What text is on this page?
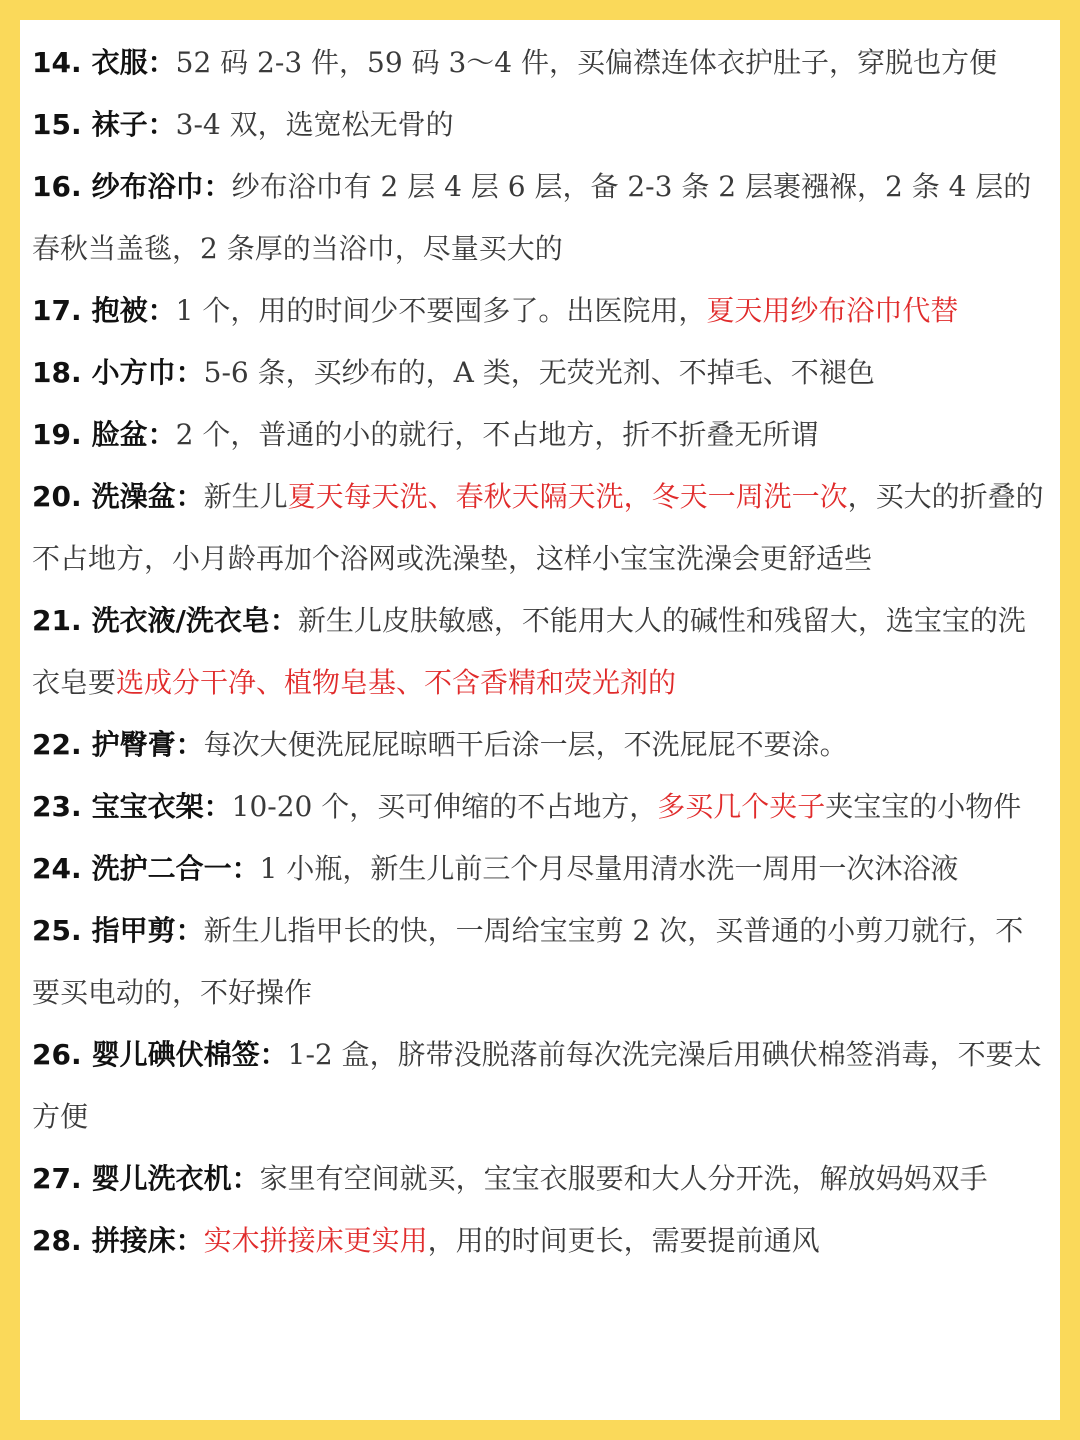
14. 衣服：52 码 2-3 件，59 码 3～4 件，买偏襟连体衣护肚子，穿脱也方便

15. 袜子：3-4 双，选宽松无骨的

16. 纱布浴巾：纱布浴巾有 2 层 4 层 6 层，备 2-3 条 2 层裹襁褓，2 条 4 层的春秋当盖毯，2 条厚的当浴巾，尽量买大的

17. 抱被：1 个，用的时间少不要囤多了。出医院用，夏天用纱布浴巾代替

18. 小方巾：5-6 条，买纱布的，A 类，无荧光剂、不掉毛、不褪色

19. 脸盆：2 个，普通的小的就行，不占地方，折不折叠无所谓

20. 洗澡盆：新生儿夏天每天洗、春秋天隔天洗，冬天一周洗一次，买大的折叠的不占地方，小月龄再加个浴网或洗澡垫，这样小宝宝洗澡会更舒适些

21. 洗衣液/洗衣皂：新生儿皮肤敏感，不能用大人的碱性和残留大，选宝宝的洗衣皂要选成分干净、植物皂基、不含香精和荧光剂的

22. 护臀膏：每次大便洗屁屁晾晒干后涂一层，不洗屁屁不要涂。

23. 宝宝衣架：10-20 个，买可伸缩的不占地方，多买几个夹子夹宝宝的小物件

24. 洗护二合一：1 小瓶，新生儿前三个月尽量用清水洗一周用一次沐浴液

25. 指甲剪：新生儿指甲长的快，一周给宝宝剪 2 次，买普通的小剪刀就行，不要买电动的，不好操作

26. 婴儿碘伏棉签：1-2 盒，脐带没脱落前每次洗完澡后用碘伏棉签消毒，不要太方便

27. 婴儿洗衣机：家里有空间就买，宝宝衣服要和大人分开洗，解放妈妈双手

28. 拼接床：实木拼接床更实用，用的时间更长，需要提前通风
